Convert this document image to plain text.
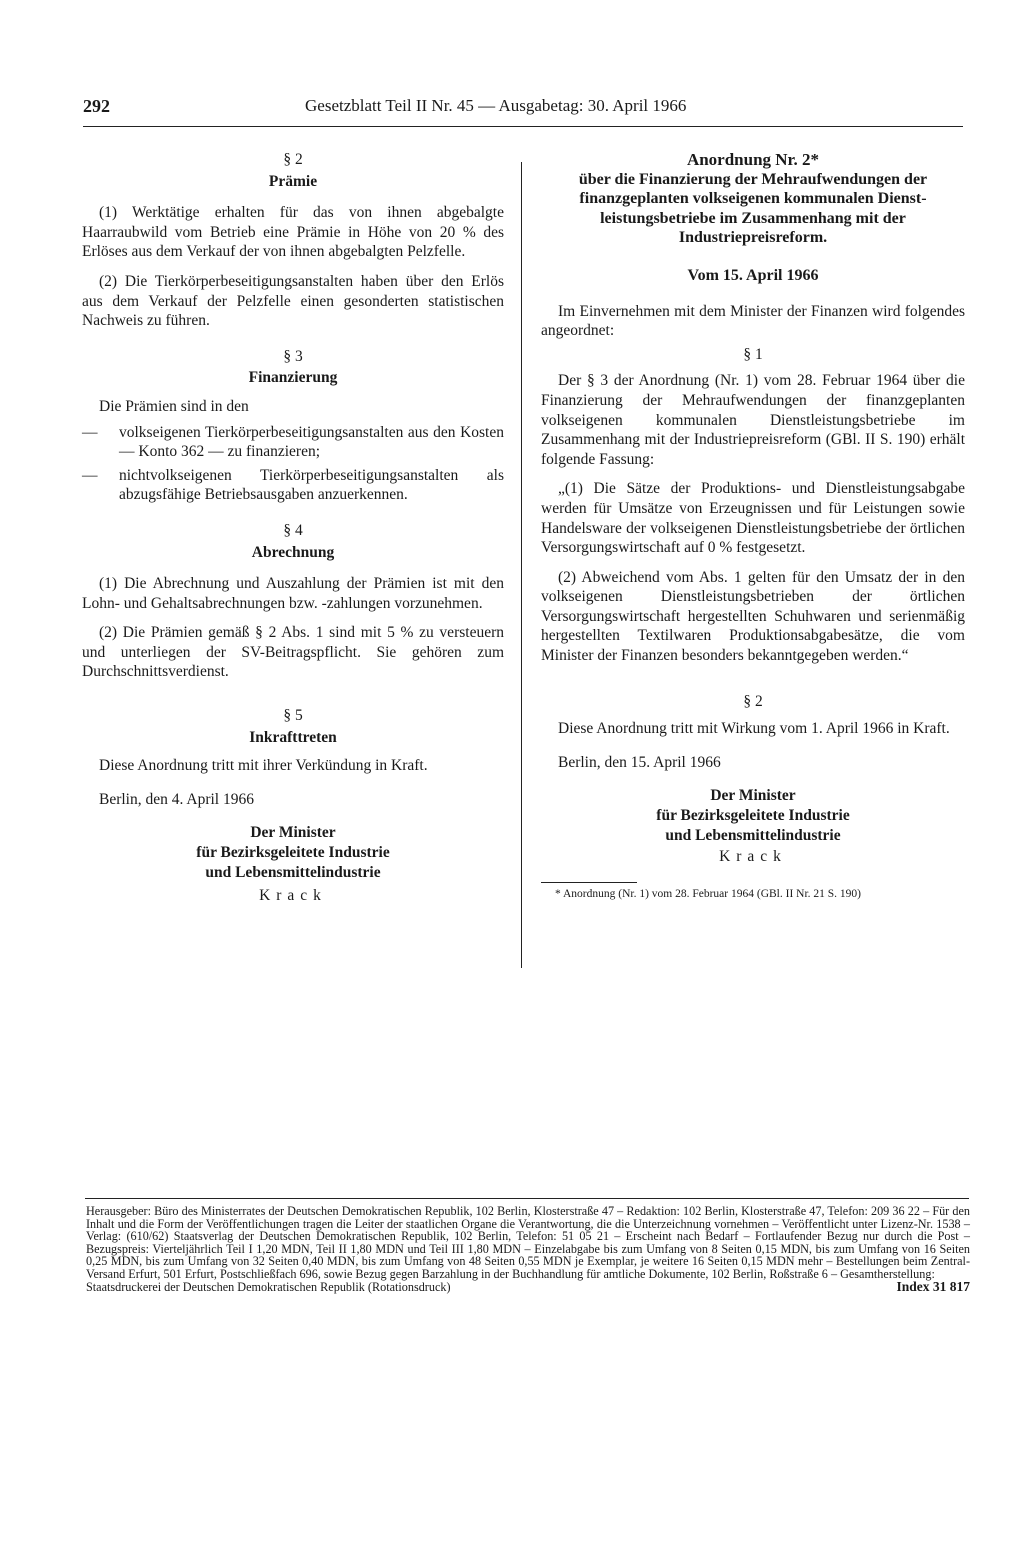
292	Gesetzblatt Teil II Nr. 45 — Ausgabetag: 30. April 1966

§ 2

Prämie

(1) Werktätige erhalten für das von ihnen abgebalgte Haarraubwild vom Betrieb eine Prämie in Höhe von 20 % des Erlöses aus dem Verkauf der von ihnen abgebalgten Pelzfelle.

(2) Die Tierkörperbeseitigungsanstalten haben über den Erlös aus dem Verkauf der Pelzfelle einen gesonderten statistischen Nachweis zu führen.

§ 3

Finanzierung

Die Prämien sind in den

— volkseigenen Tierkörperbeseitigungsanstalten aus den Kosten — Konto 362 — zu finanzieren;

— nichtvolkseigenen Tierkörperbeseitigungsanstalten als abzugsfähige Betriebsausgaben anzuerkennen.

§ 4

Abrechnung

(1) Die Abrechnung und Auszahlung der Prämien ist mit den Lohn- und Gehaltsabrechnungen bzw. -zahlungen vorzunehmen.

(2) Die Prämien gemäß § 2 Abs. 1 sind mit 5 % zu versteuern und unterliegen der SV-Beitragspflicht. Sie gehören zum Durchschnittsverdienst.

§ 5

Inkrafttreten

Diese Anordnung tritt mit ihrer Verkündung in Kraft.

Berlin, den 4. April 1966

Der Minister

für Bezirksgeleitete Industrie

und Lebensmittelindustrie

Krack

Anordnung Nr. 2*

über die Finanzierung der Mehraufwendungen der

finanzgeplanten volkseigenen kommunalen Dienst-

leistungsbetriebe im Zusammenhang mit der

Industriepreisreform.

Vom 15. April 1966

Im Einvernehmen mit dem Minister der Finanzen wird folgendes angeordnet:

§ 1

Der § 3 der Anordnung (Nr. 1) vom 28. Februar 1964 über die Finanzierung der Mehraufwendungen der finanzgeplanten volkseigenen kommunalen Dienstleistungsbetriebe im Zusammenhang mit der Industriepreisreform (GBl. II S. 190) erhält folgende Fassung:

„(1) Die Sätze der Produktions- und Dienstleistungsabgabe werden für Umsätze von Erzeugnissen und für Leistungen sowie Handelsware der volkseigenen Dienstleistungsbetriebe der örtlichen Versorgungswirtschaft auf 0 % festgesetzt.

(2) Abweichend vom Abs. 1 gelten für den Umsatz der in den volkseigenen Dienstleistungsbetrieben der örtlichen Versorgungswirtschaft hergestellten Schuhwaren und serienmäßig hergestellten Textilwaren Produktionsabgabesätze, die vom Minister der Finanzen besonders bekanntgegeben werden.“

§ 2

Diese Anordnung tritt mit Wirkung vom 1. April 1966 in Kraft.

Berlin, den 15. April 1966

Der Minister

für Bezirksgeleitete Industrie

und Lebensmittelindustrie

Krack

* Anordnung (Nr. 1) vom 28. Februar 1964 (GBl. II Nr. 21 S. 190)

Herausgeber: Büro des Ministerrates der Deutschen Demokratischen Republik, 102 Berlin, Klosterstraße 47 – Redaktion: 102 Berlin, Klosterstraße 47, Telefon: 209 36 22 – Für den Inhalt und die Form der Veröffentlichungen tragen die Leiter der staatlichen Organe die Verantwortung, die die Unterzeichnung vornehmen – Veröffentlicht unter Lizenz-Nr. 1538 – Verlag: (610/62) Staatsverlag der Deutschen Demokratischen Republik, 102 Berlin, Telefon: 51 05 21 – Erscheint nach Bedarf – Fortlaufender Bezug nur durch die Post – Bezugspreis: Vierteljährlich Teil I 1,20 MDN, Teil II 1,80 MDN und Teil III 1,80 MDN – Einzelabgabe bis zum Umfang von 8 Seiten 0,15 MDN, bis zum Umfang von 16 Seiten 0,25 MDN, bis zum Umfang von 32 Seiten 0,40 MDN, bis zum Umfang von 48 Seiten 0,55 MDN je Exemplar, je weitere 16 Seiten 0,15 MDN mehr – Bestellungen beim Zentral-Versand Erfurt, 501 Erfurt, Postschließfach 696, sowie Bezug gegen Barzahlung in der Buchhandlung für amtliche Dokumente, 102 Berlin, Roßstraße 6 – Gesamtherstellung:
Staatsdruckerei der Deutschen Demokratischen Republik (Rotationsdruck)	Index 31 817
